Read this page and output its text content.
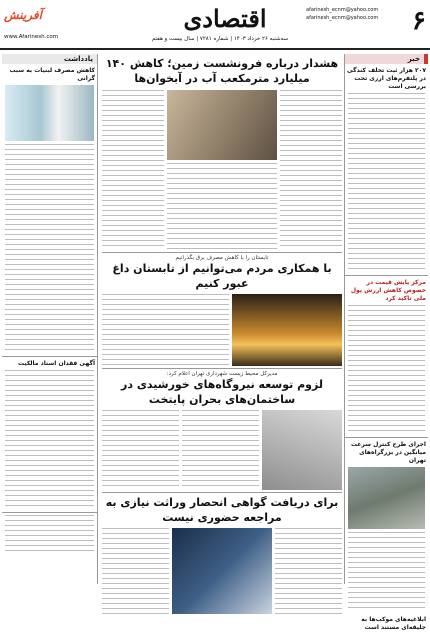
۶
afarinesh_ecnm@yahoo.com
afarinesh_ecnm@yahoo.com
اقتصادی
سه‌شنبه ۲۶ خرداد ۱۴۰۳ | شماره ۷۲۸۱ | سال بیست و هفتم
آفرینش
www.Afarinesh.com
خبر
۲۰۷ هزار ثبت تخلف کندگی در پلتفرم‌های ارزی تحت بررسی است
مرکز پایش قیمت در خصوص کاهش ارزش پول ملی تاکید کرد
اجرای طرح کنترل سرعت میانگین در بزرگراه‌های تهران
ابلاغیه‌های موکب‌ها به جلیقه‌ای مستند است
یادداشت
کاهش مصرف لبنیات به سبب گرانی
آگهی فقدان اسناد مالکیت
هشدار درباره فرونشست زمین؛ کاهش ۱۴۰ میلیارد مترمکعب آب در آبخوان‌ها
تابستان را با کاهش مصرف برق بگذرانیم
با همکاری مردم می‌توانیم از تابستان داغ عبور کنیم
مدیرکل محیط زیست شهرداری تهران اعلام کرد:
لزوم توسعه نیروگاه‌های خورشیدی در ساختمان‌های بحران پایتخت
برای دریافت گواهی انحصار وراثت نیازی به مراجعه حضوری نیست
